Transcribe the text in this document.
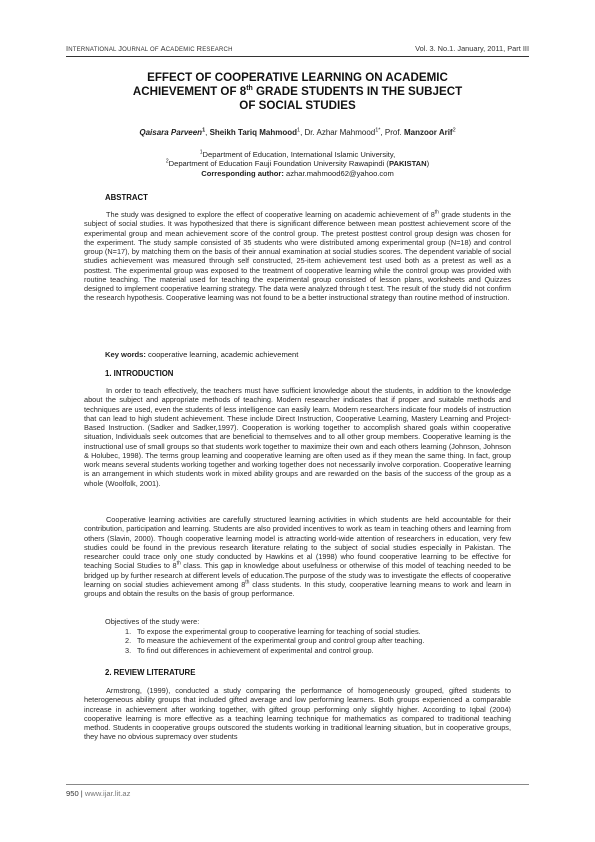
INTERNATIONAL JOURNAL OF ACADEMIC RESEARCH	Vol. 3. No.1. January, 2011, Part III
EFFECT OF COOPERATIVE LEARNING ON ACADEMIC
ACHIEVEMENT OF 8th GRADE STUDENTS IN THE SUBJECT
OF SOCIAL STUDIES
Qaisara Parveen$^1$, Sheikh Tariq Mahmood$^1$, Dr. Azhar Mahmood$^{1*}$, Prof. Manzoor Arif$^2$
$^1$Department of Education, International Islamic University,
$^2$Department of Education Fauji Foundation University Rawapindi (PAKISTAN)
Corresponding author: azhar.mahmood62@yahoo.com
ABSTRACT
The study was designed to explore the effect of cooperative learning on academic achievement of 8th grade students in the subject of social studies. It was hypothesized that there is significant difference between mean posttest achievement score of the experimental group and mean achievement score of the control group. The pretest posttest control group design was chosen for the experiment. The study sample consisted of 35 students who were distributed among experimental group (N=18) and control group (N=17), by matching them on the basis of their annual examination at social studies scores. The dependent variable of social studies achievement was measured through self constructed, 25-item achievement test used both as a pretest as well as a posttest. The experimental group was exposed to the treatment of cooperative learning while the control group was provided with routine teaching. The material used for teaching the experimental group consisted of lesson plans, worksheets and Quizzes designed to implement cooperative learning strategy. The data were analyzed through t test. The result of the study did not confirm the research hypothesis. Cooperative learning was not found to be a better instructional strategy than routine method of instruction.
Key words: cooperative learning, academic achievement
1. INTRODUCTION
In order to teach effectively, the teachers must have sufficient knowledge about the students, in addition to the knowledge about the subject and appropriate methods of teaching. Modern researcher indicates that if proper and suitable methods and techniques are used, even the students of less intelligence can easily learn. Modern researchers indicate four models of instruction that can lead to high student achievement. These include Direct Instruction, Cooperative Learning, Mastery Learning and Project-Based Instruction. (Sadker and Sadker,1997). Cooperation is working together to accomplish shared goals within cooperative situation, Individuals seek outcomes that are beneficial to themselves and to all other group members. Cooperative learning is the instructional use of small groups so that students work together to maximize their own and each others learning (Johnson, Johnson & Holubec, 1998). The terms group learning and cooperative learning are often used as if they mean the same thing. In fact, group work means several students working together and working together does not necessarily involve corporation. Cooperative learning is an arrangement in which students work in mixed ability groups and are rewarded on the basis of the success of the group as a whole (Woolfolk, 2001).
Cooperative learning activities are carefully structured learning activities in which students are held accountable for their contribution, participation and learning. Students are also provided incentives to work as team in teaching others and learning from others (Slavin, 2000). Though cooperative learning model is attracting world-wide attention of researchers in education, very few studies could be found in the previous research literature relating to the subject of social studies especially in Pakistan. The researcher could trace only one study conducted by Hawkins et al (1998) who found cooperative learning to be effective for teaching Social Studies to 8th class. This gap in knowledge about usefulness or otherwise of this model of teaching needed to be bridged up by further research at different levels of education.The purpose of the study was to investigate the effects of cooperative learning on social studies achievement among 8th class students. In this study, cooperative learning means to work and learn in groups and obtain the results on the basis of group performance.
Objectives of the study were:
1. To expose the experimental group to cooperative learning for teaching of social studies.
2. To measure the achievement of the experimental group and control group after teaching.
3. To find out differences in achievement of experimental and control group.
2. REVIEW LITERATURE
Armstrong, (1999), conducted a study comparing the performance of homogeneously grouped, gifted students to heterogeneous ability groups that included gifted average and low performing learners. Both groups experienced a comparable increase in achievement after working together, with gifted group performing only slightly higher. According to Iqbal (2004) cooperative learning is more effective as a teaching learning technique for mathematics as compared to traditional teaching method. Students in cooperative groups outscored the students working in traditional learning situation, but in cooperative groups, they have no obvious supremacy over students
950 | www.ijar.lit.az
